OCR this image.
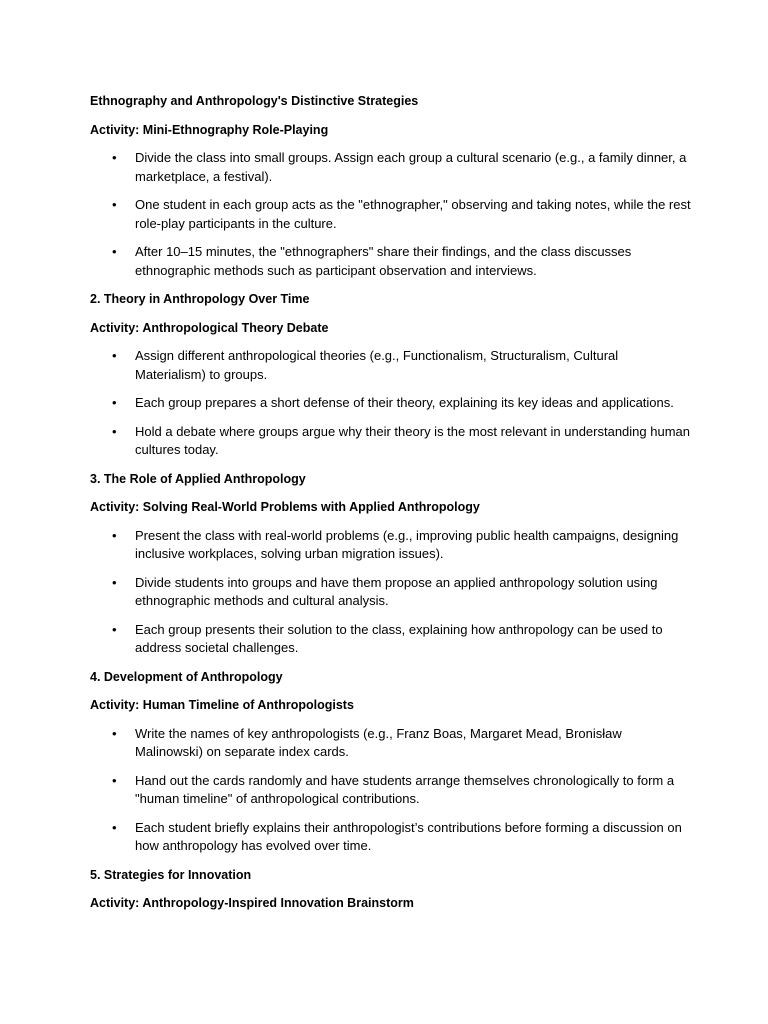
Ethnography and Anthropology's Distinctive Strategies
Activity: Mini-Ethnography Role-Playing
• Divide the class into small groups. Assign each group a cultural scenario (e.g., a family dinner, a marketplace, a festival).
• One student in each group acts as the "ethnographer," observing and taking notes, while the rest role-play participants in the culture.
• After 10–15 minutes, the "ethnographers" share their findings, and the class discusses ethnographic methods such as participant observation and interviews.
2. Theory in Anthropology Over Time
Activity: Anthropological Theory Debate
• Assign different anthropological theories (e.g., Functionalism, Structuralism, Cultural Materialism) to groups.
• Each group prepares a short defense of their theory, explaining its key ideas and applications.
• Hold a debate where groups argue why their theory is the most relevant in understanding human cultures today.
3. The Role of Applied Anthropology
Activity: Solving Real-World Problems with Applied Anthropology
• Present the class with real-world problems (e.g., improving public health campaigns, designing inclusive workplaces, solving urban migration issues).
• Divide students into groups and have them propose an applied anthropology solution using ethnographic methods and cultural analysis.
• Each group presents their solution to the class, explaining how anthropology can be used to address societal challenges.
4. Development of Anthropology
Activity: Human Timeline of Anthropologists
• Write the names of key anthropologists (e.g., Franz Boas, Margaret Mead, Bronisław Malinowski) on separate index cards.
• Hand out the cards randomly and have students arrange themselves chronologically to form a "human timeline" of anthropological contributions.
• Each student briefly explains their anthropologist’s contributions before forming a discussion on how anthropology has evolved over time.
5. Strategies for Innovation
Activity: Anthropology-Inspired Innovation Brainstorm
